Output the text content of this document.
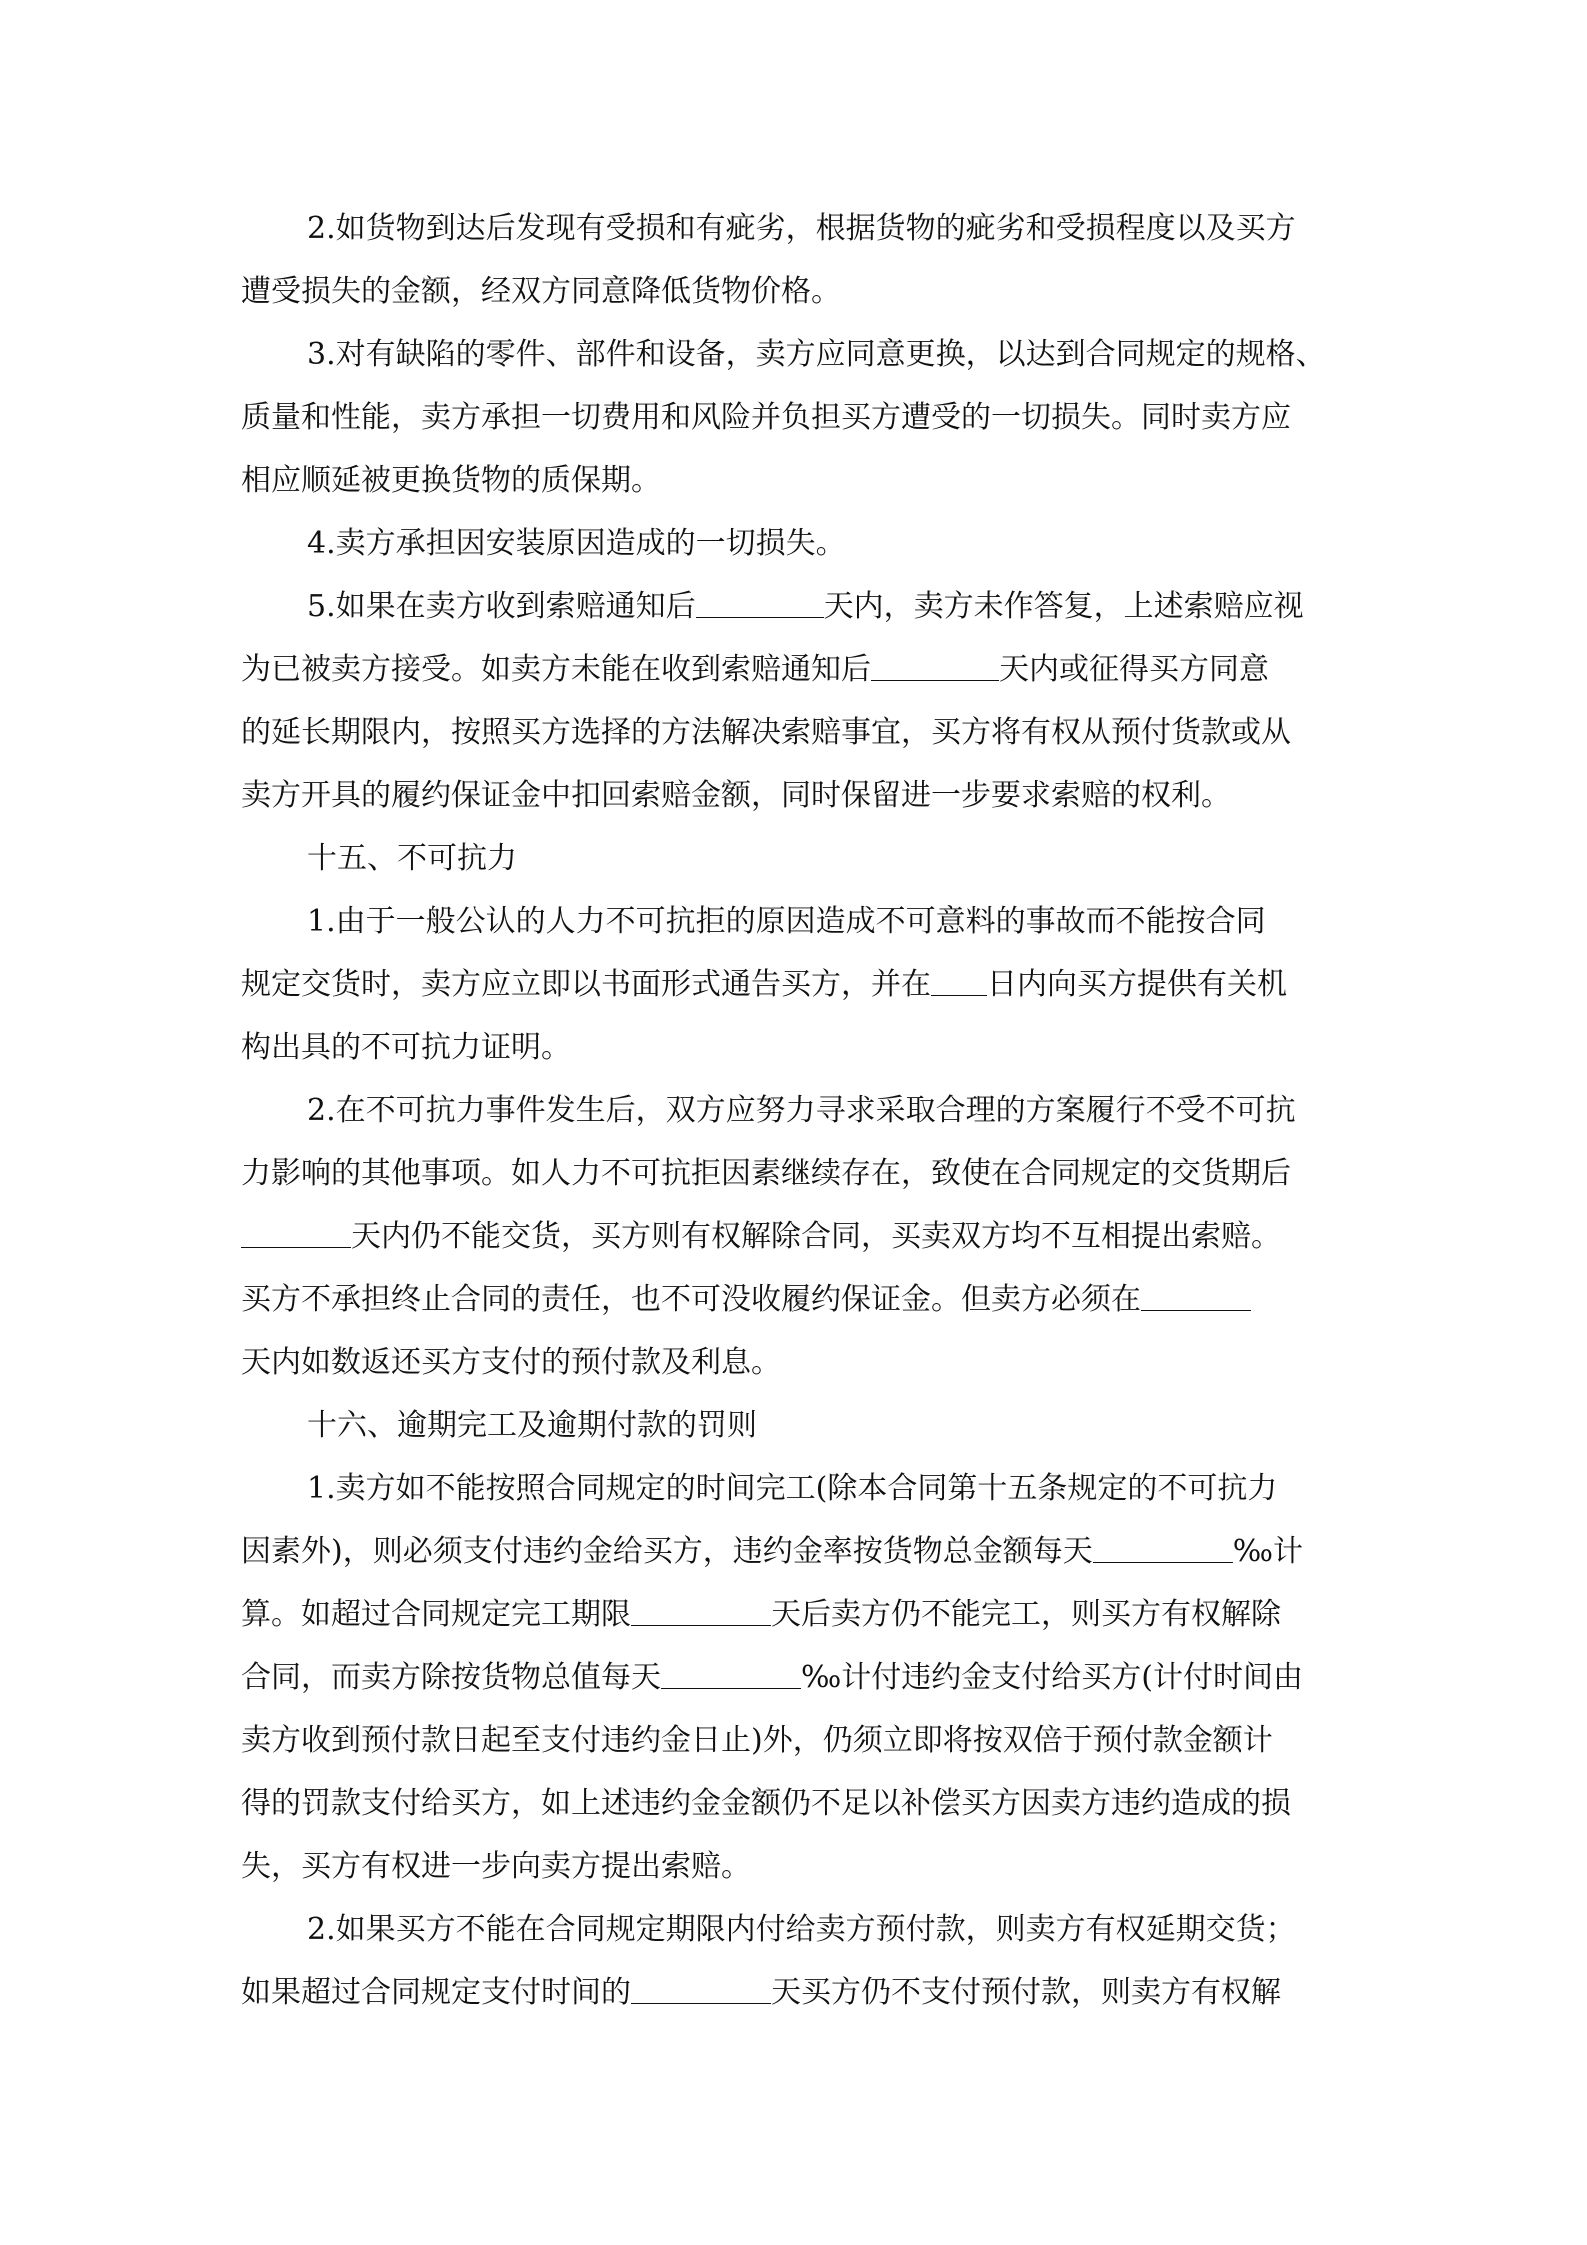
2.如货物到达后发现有受损和有疵劣，根据货物的疵劣和受损程度以及买方
遭受损失的金额，经双方同意降低货物价格。
3.对有缺陷的零件、部件和设备，卖方应同意更换，以达到合同规定的规格、
质量和性能，卖方承担一切费用和风险并负担买方遭受的一切损失。同时卖方应
相应顺延被更换货物的质保期。
4.卖方承担因安装原因造成的一切损失。
5.如果在卖方收到索赔通知后	天内，卖方未作答复，上述索赔应视
为已被卖方接受。如卖方未能在收到索赔通知后	天内或征得买方同意
的延长期限内，按照买方选择的方法解决索赔事宜，买方将有权从预付货款或从
卖方开具的履约保证金中扣回索赔金额，同时保留进一步要求索赔的权利。
十五、不可抗力
1.由于一般公认的人力不可抗拒的原因造成不可意料的事故而不能按合同
规定交货时，卖方应立即以书面形式通告买方，并在 日内向买方提供有关机
构出具的不可抗力证明。
2.在不可抗力事件发生后，双方应努力寻求采取合理的方案履行不受不可抗
力影响的其他事项。如人力不可抗拒因素继续存在，致使在合同规定的交货期后
天内仍不能交货，买方则有权解除合同，买卖双方均不互相提出索赔。
买方不承担终止合同的责任，也不可没收履约保证金。但卖方必须在
天内如数返还买方支付的预付款及利息。
十六、逾期完工及逾期付款的罚则
1.卖方如不能按照合同规定的时间完工(除本合同第十五条规定的不可抗力
因素外)，则必须支付违约金给买方，违约金率按货物总金额每天	‰计
算。如超过合同规定完工期限	天后卖方仍不能完工，则买方有权解除
合同，而卖方除按货物总值每天	‰计付违约金支付给买方(计付时间由
卖方收到预付款日起至支付违约金日止)外，仍须立即将按双倍于预付款金额计
得的罚款支付给买方，如上述违约金金额仍不足以补偿买方因卖方违约造成的损
失，买方有权进一步向卖方提出索赔。
2.如果买方不能在合同规定期限内付给卖方预付款，则卖方有权延期交货；
如果超过合同规定支付时间的	天买方仍不支付预付款，则卖方有权解
